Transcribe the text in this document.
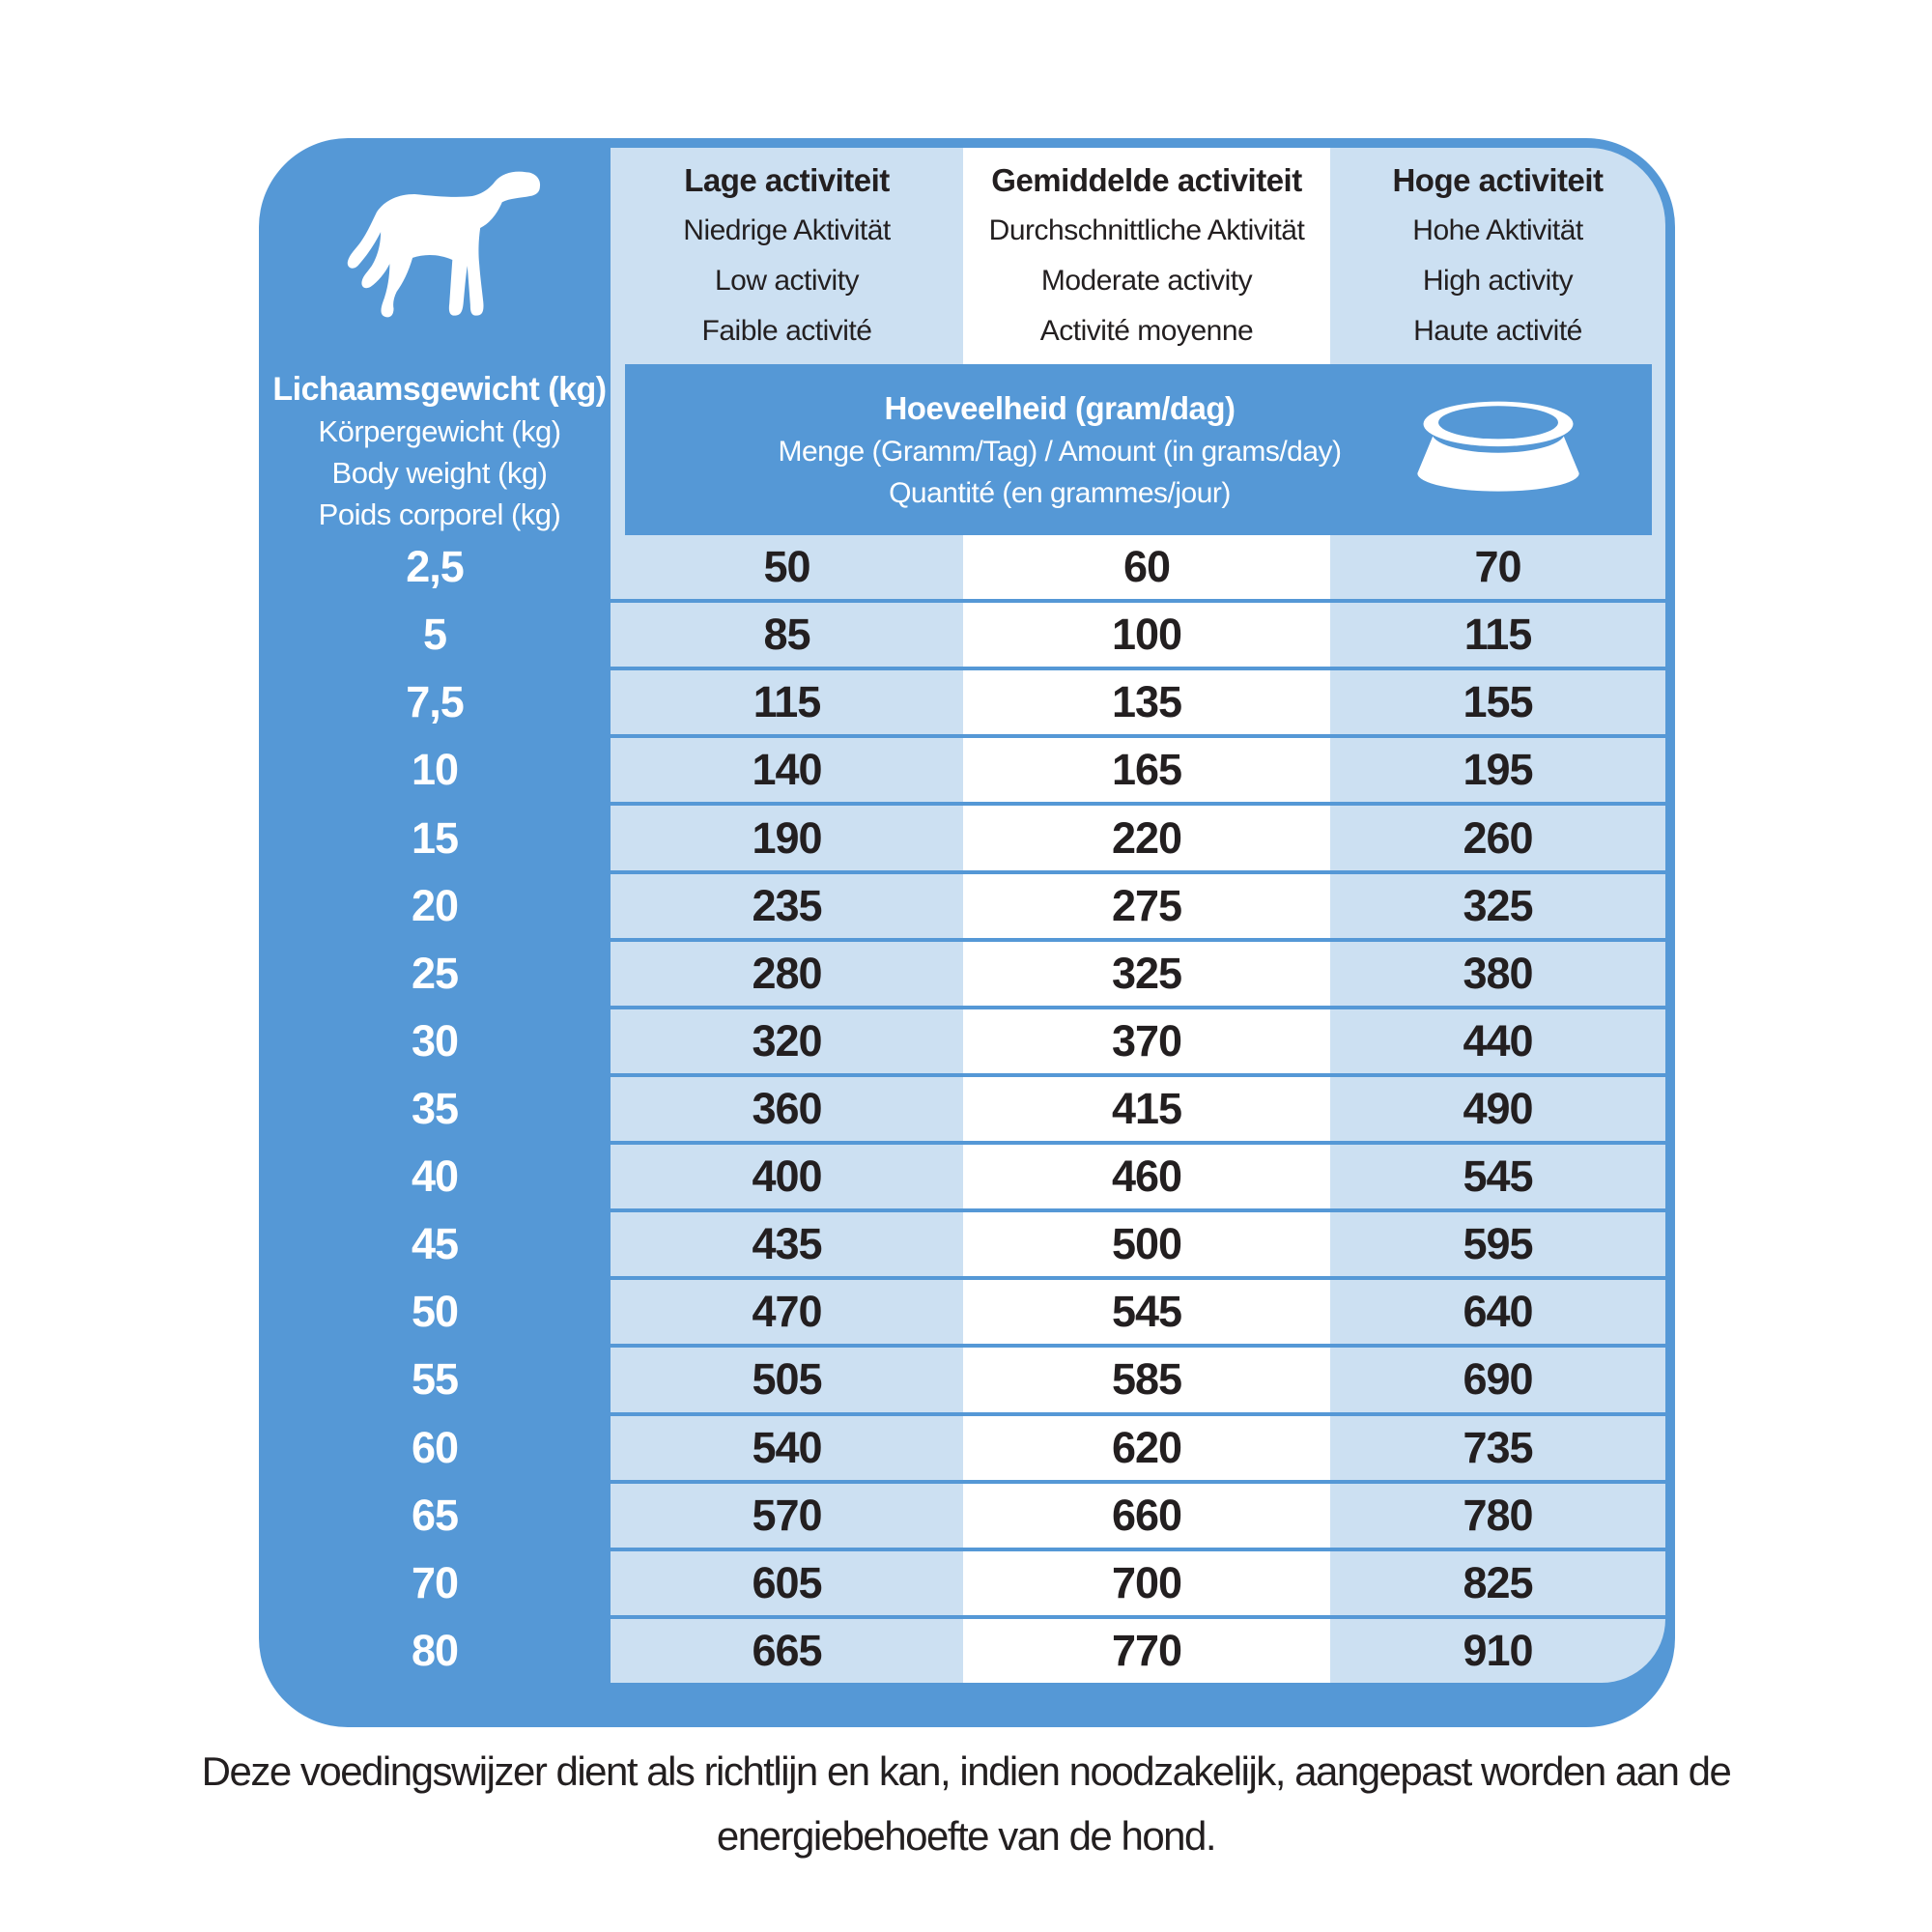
Lage activiteit
Niedrige Aktivität
Low activity
Faible activité
Gemiddelde activiteit
Durchschnittliche Aktivität
Moderate activity
Activité moyenne
Hoge activiteit
Hohe Aktivität
High activity
Haute activité
Lichaamsgewicht (kg)
Körpergewicht (kg)
Body weight (kg)
Poids corporel (kg)
Hoeveelheid (gram/dag)
Menge (Gramm/Tag) / Amount (in grams/day)
Quantité (en grammes/jour)
2,5	50	60	70
5	85	100	115
7,5	115	135	155
10	140	165	195
15	190	220	260
20	235	275	325
25	280	325	380
30	320	370	440
35	360	415	490
40	400	460	545
45	435	500	595
50	470	545	640
55	505	585	690
60	540	620	735
65	570	660	780
70	605	700	825
80	665	770	910
Deze voedingswijzer dient als richtlijn en kan, indien noodzakelijk, aangepast worden aan de
energiebehoefte van de hond.
